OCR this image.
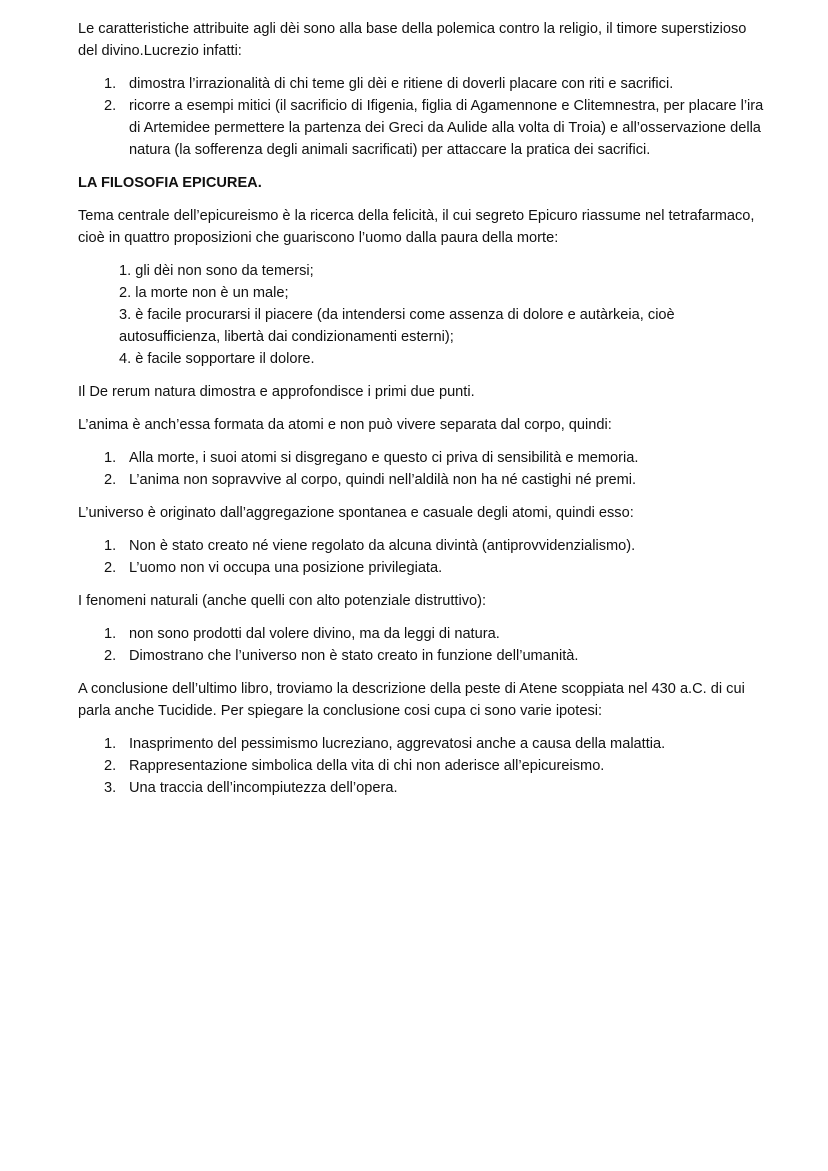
Le caratteristiche attribuite agli dèi sono alla base della polemica contro la religio, il timore superstizioso del divino.Lucrezio infatti:

1. dimostra l’irrazionalità di chi teme gli dèi e ritiene di doverli placare con riti e sacrifici.
2. ricorre a esempi mitici (il sacrificio di Ifigenia, figlia di Agamennone e Clitemnestra, per placare l’ira di Artemidee permettere la partenza dei Greci da Aulide alla volta di Troia) e all’osservazione della natura (la sofferenza degli animali sacrificati) per attaccare la pratica dei sacrifici.

LA FILOSOFIA EPICUREA.

Tema centrale dell’epicureismo è la ricerca della felicità, il cui segreto Epicuro riassume nel tetrafarmaco, cioè in quattro proposizioni che guariscono l’uomo dalla paura della morte:

1. gli dèi non sono da temersi;
2. la morte non è un male;
3. è facile procurarsi il piacere (da intendersi come assenza di dolore e autàrkeia, cioè autosufficienza, libertà dai condizionamenti esterni);
4. è facile sopportare il dolore.

Il De rerum natura dimostra e approfondisce i primi due punti.

L’anima è anch’essa formata da atomi e non può vivere separata dal corpo, quindi:

1. Alla morte, i suoi atomi si disgregano e questo ci priva di sensibilità e memoria.
2. L’anima non sopravvive al corpo, quindi nell’aldilà non ha né castighi né premi.

L’universo è originato dall’aggregazione spontanea e casuale degli atomi, quindi esso:

1. Non è stato creato né viene regolato da alcuna divintà (antiprovvidenzialismo).
2. L’uomo non vi occupa una posizione privilegiata.

I fenomeni naturali (anche quelli con alto potenziale distruttivo):

1. non sono prodotti dal volere divino, ma da leggi di natura.
2. Dimostrano che l’universo non è stato creato in funzione dell’umanità.

A conclusione dell’ultimo libro, troviamo la descrizione della peste di Atene scoppiata nel 430 a.C. di cui parla anche Tucidide. Per spiegare la conclusione cosi cupa ci sono varie ipotesi:

1. Inasprimento del pessimismo lucreziano, aggrevatosi anche a causa della malattia.
2. Rappresentazione simbolica della vita di chi non aderisce all’epicureismo.
3. Una traccia dell’incompiutezza dell’opera.
